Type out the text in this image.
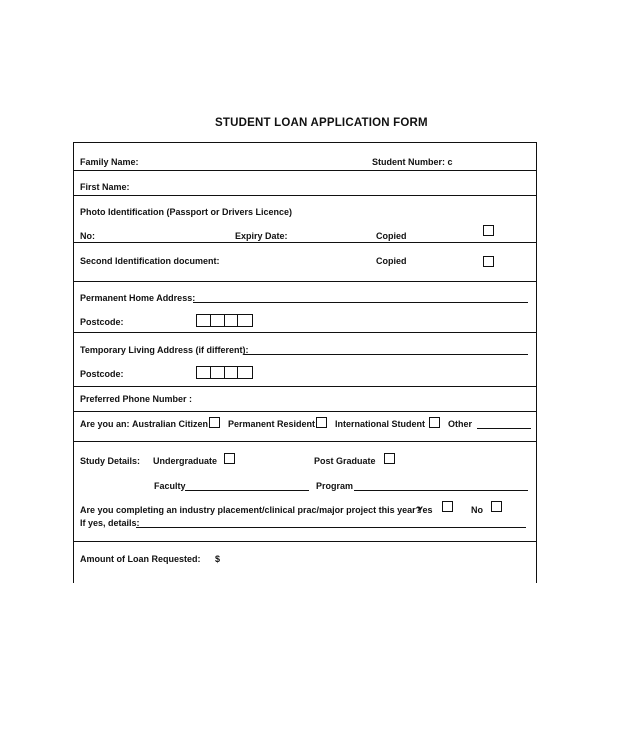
STUDENT LOAN APPLICATION FORM
Family Name:	Student Number: c
First Name:
Photo Identification (Passport or Drivers Licence)
No:	Expiry Date:	Copied
Second Identification document:	Copied
Permanent Home Address:
Postcode:
Temporary Living Address (if different):
Postcode:
Preferred Phone Number :
Are you an: Australian Citizen Permanent Resident International Student	Other
Study Details: Undergraduate	Post Graduate
Faculty	Program
Are you completing an industry placement/clinical prac/major project this year?
Yes	No
If yes, details:
Amount of Loan Requested: $
